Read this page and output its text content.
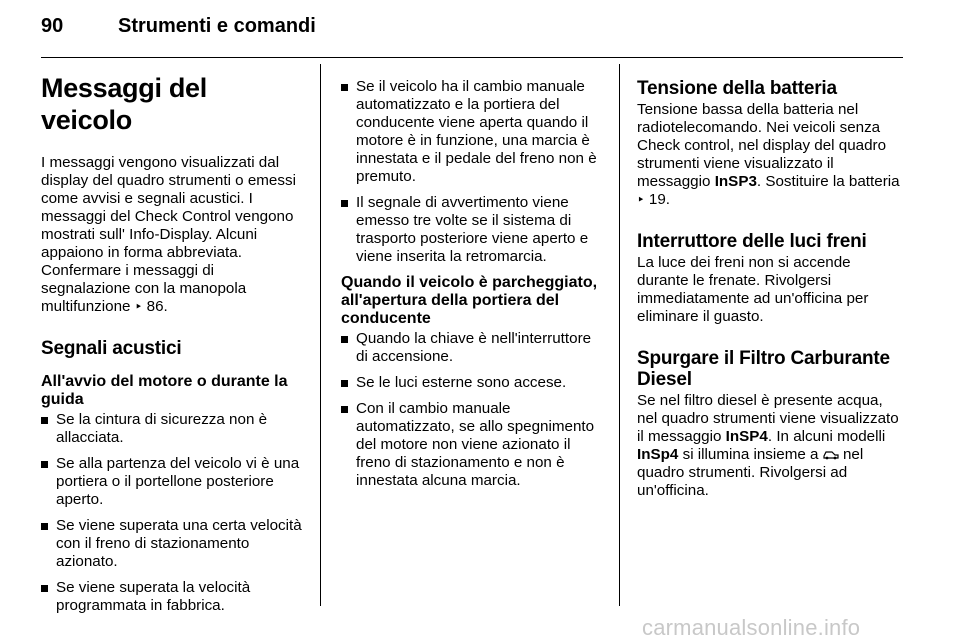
90	Strumenti e comandi
Messaggi del veicolo

I messaggi vengono visualizzati dal display del quadro strumenti o emessi come avvisi e segnali acustici. I messaggi del Check Control vengono mostrati sull' Info-Display. Alcuni appaiono in forma abbreviata. Confermare i messaggi di segnalazione con la manopola multifunzione ‣ 86.

Segnali acustici
All'avvio del motore o durante la guida
Se la cintura di sicurezza non è allacciata.
Se alla partenza del veicolo vi è una portiera o il portellone posteriore aperto.
Se viene superata una certa velocità con il freno di stazionamento azionato.
Se viene superata la velocità programmata in fabbrica.
Se il veicolo ha il cambio manuale automatizzato e la portiera del conducente viene aperta quando il motore è in funzione, una marcia è innestata e il pedale del freno non è premuto.
Il segnale di avvertimento viene emesso tre volte se il sistema di trasporto posteriore viene aperto e viene inserita la retromarcia.
Quando il veicolo è parcheggiato, all'apertura della portiera del conducente
Quando la chiave è nell'interruttore di accensione.
Se le luci esterne sono accese.
Con il cambio manuale automatizzato, se allo spegnimento del motore non viene azionato il freno di stazionamento e non è innestata alcuna marcia.
Tensione della batteria

Tensione bassa della batteria nel radiotelecomando. Nei veicoli senza Check control, nel display del quadro strumenti viene visualizzato il messaggio InSP3. Sostituire la batteria ‣ 19.

Interruttore delle luci freni

La luce dei freni non si accende durante le frenate. Rivolgersi immediatamente ad un'officina per eliminare il guasto.

Spurgare il Filtro Carburante Diesel

Se nel filtro diesel è presente acqua, nel quadro strumenti viene visualizzato il messaggio InSP4. In alcuni modelli InSp4 si illumina insieme a nel quadro strumenti. Rivolgersi ad un'officina.

carmanualsonline.info
